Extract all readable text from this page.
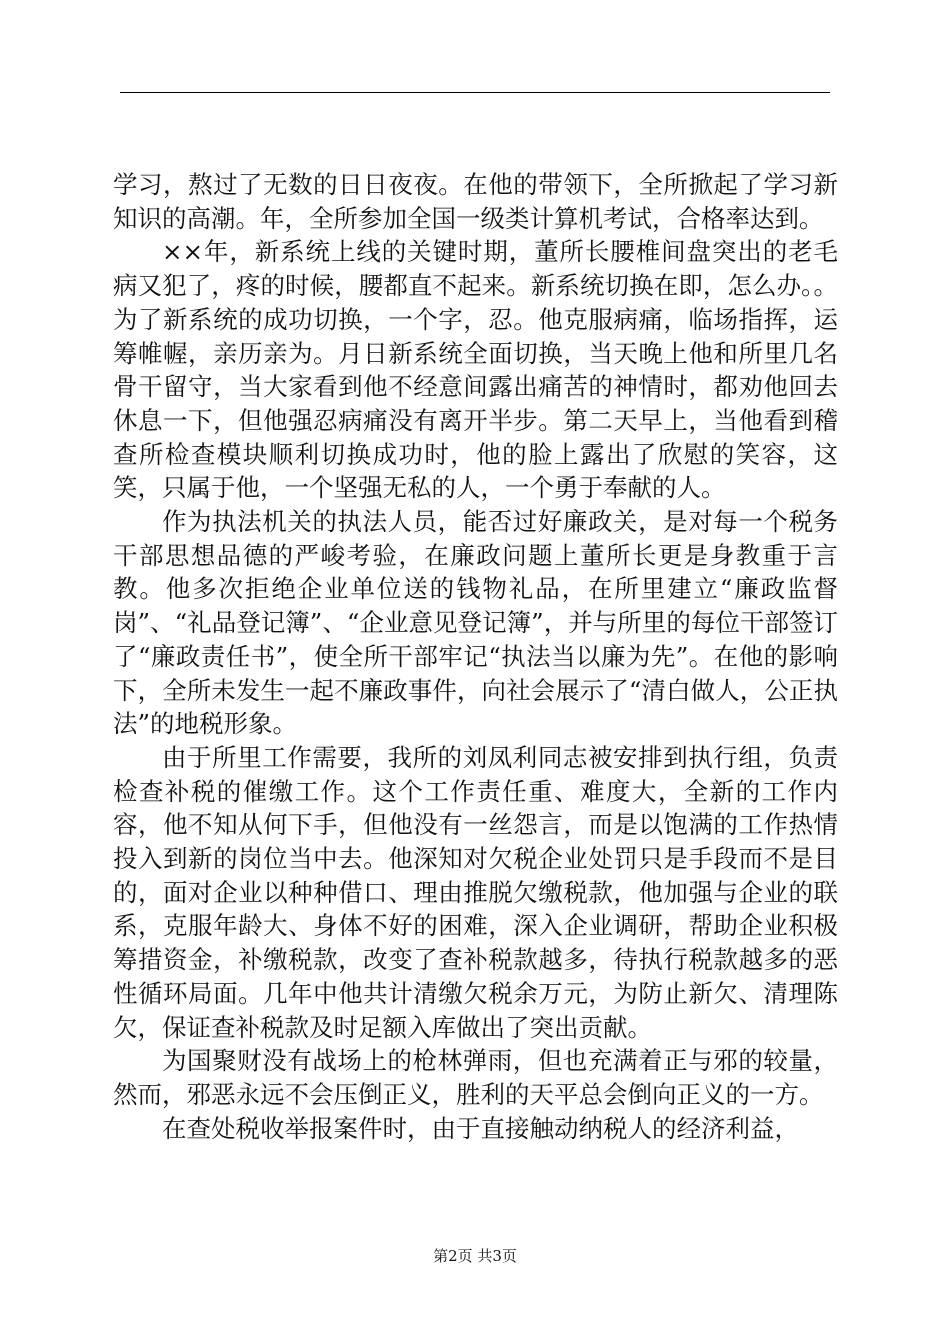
学习，熬过了无数的日日夜夜。在他的带领下，全所掀起了学习新知识的高潮。年，全所参加全国一级类计算机考试，合格率达到。

××年，新系统上线的关键时期，董所长腰椎间盘突出的老毛病又犯了，疼的时候，腰都直不起来。新系统切换在即，怎么办。。为了新系统的成功切换，一个字，忍。他克服病痛，临场指挥，运筹帷幄，亲历亲为。月日新系统全面切换，当天晚上他和所里几名骨干留守，当大家看到他不经意间露出痛苦的神情时，都劝他回去休息一下，但他强忍病痛没有离开半步。第二天早上，当他看到稽查所检查模块顺利切换成功时，他的脸上露出了欣慰的笑容，这笑，只属于他，一个坚强无私的人，一个勇于奉献的人。

作为执法机关的执法人员，能否过好廉政关，是对每一个税务干部思想品德的严峻考验，在廉政问题上董所长更是身教重于言教。他多次拒绝企业单位送的钱物礼品，在所里建立“廉政监督岗”、“礼品登记簿”、“企业意见登记簿”，并与所里的每位干部签订了“廉政责任书”，使全所干部牢记“执法当以廉为先”。在他的影响下，全所未发生一起不廉政事件，向社会展示了“清白做人，公正执法”的地税形象。

由于所里工作需要，我所的刘凤利同志被安排到执行组，负责检查补税的催缴工作。这个工作责任重、难度大，全新的工作内容，他不知从何下手，但他没有一丝怨言，而是以饱满的工作热情投入到新的岗位当中去。他深知对欠税企业处罚只是手段而不是目的，面对企业以种种借口、理由推脱欠缴税款，他加强与企业的联系，克服年龄大、身体不好的困难，深入企业调研，帮助企业积极筹措资金，补缴税款，改变了查补税款越多，待执行税款越多的恶性循环局面。几年中他共计清缴欠税余万元，为防止新欠、清理陈欠，保证查补税款及时足额入库做出了突出贡献。

为国聚财没有战场上的枪林弹雨，但也充满着正与邪的较量，然而，邪恶永远不会压倒正义，胜利的天平总会倒向正义的一方。

在查处税收举报案件时，由于直接触动纳税人的经济利益，

第2页 共3页
